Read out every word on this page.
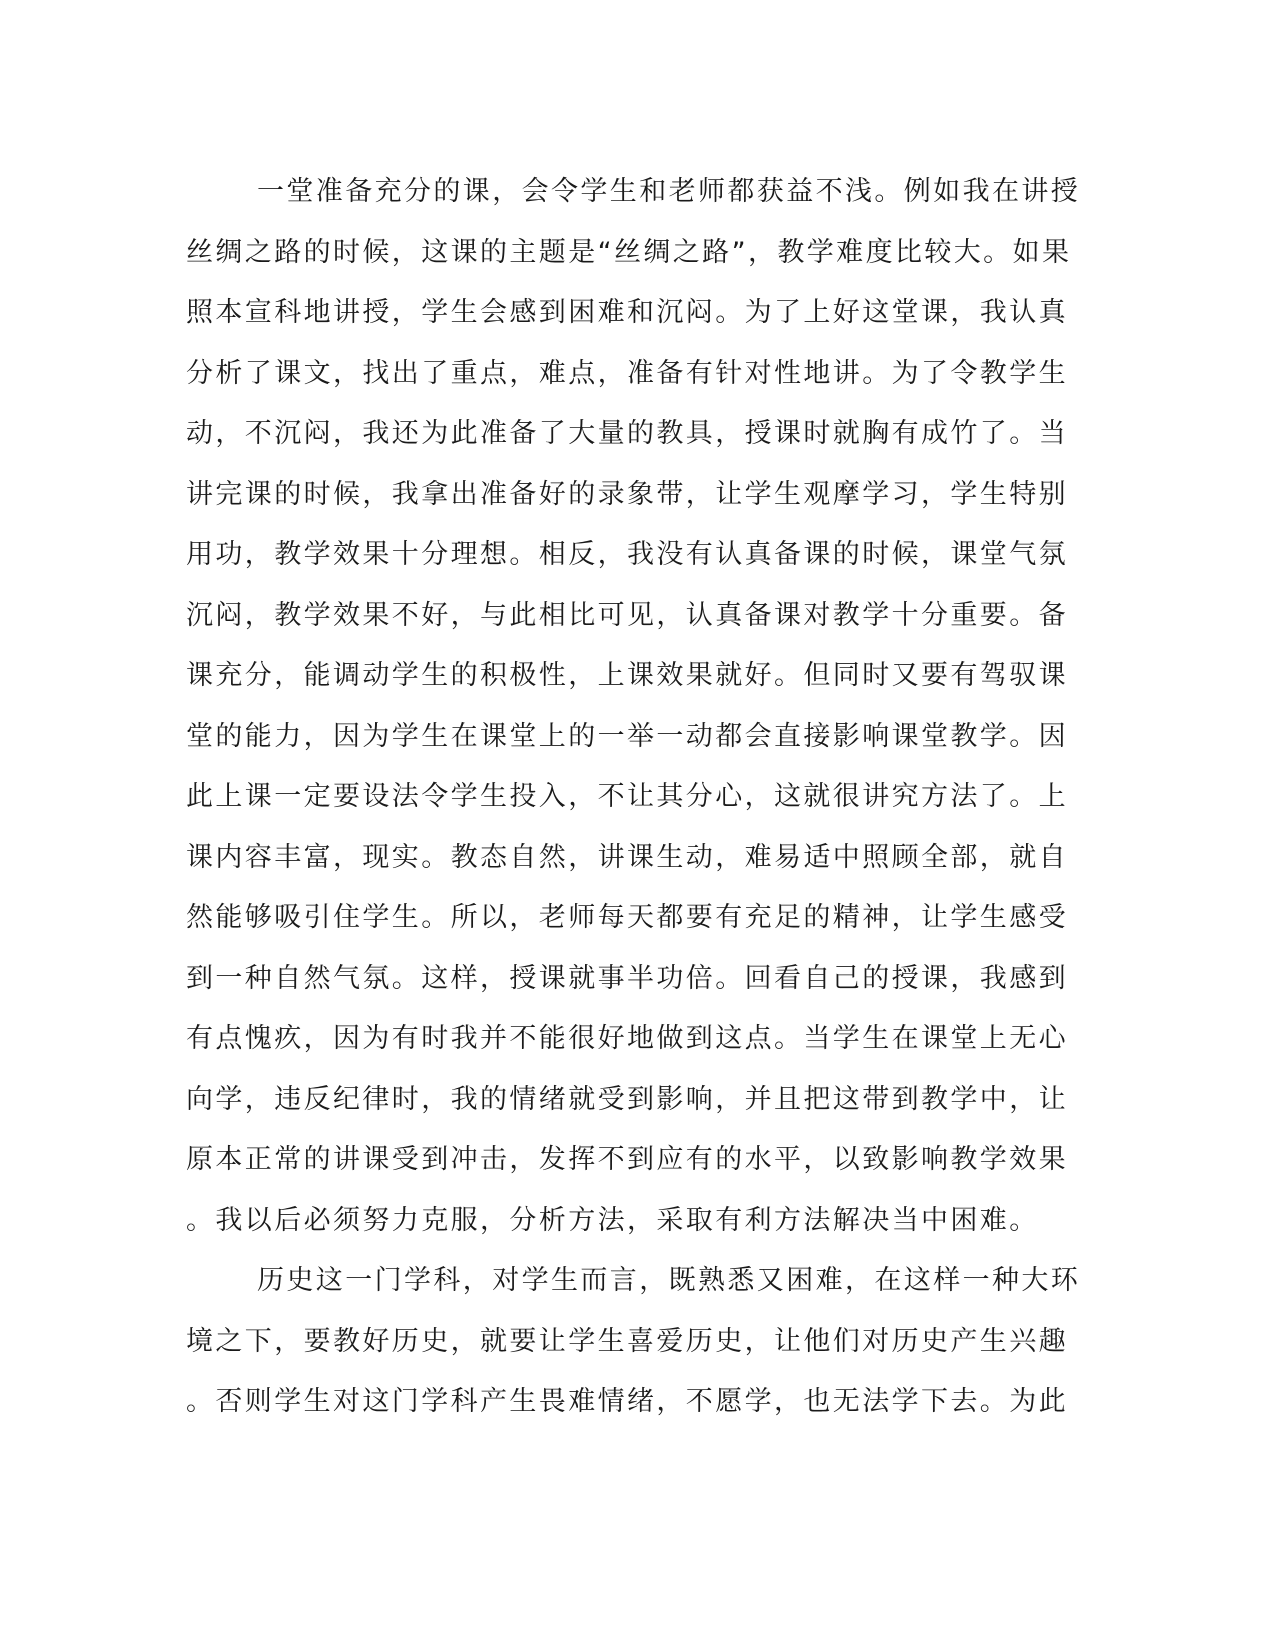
一堂准备充分的课，会令学生和老师都获益不浅。例如我在讲授
丝绸之路的时候，这课的主题是“丝绸之路”，教学难度比较大。如果
照本宣科地讲授，学生会感到困难和沉闷。为了上好这堂课，我认真
分析了课文，找出了重点，难点，准备有针对性地讲。为了令教学生
动，不沉闷，我还为此准备了大量的教具，授课时就胸有成竹了。当
讲完课的时候，我拿出准备好的录象带，让学生观摩学习，学生特别
用功，教学效果十分理想。相反，我没有认真备课的时候，课堂气氛
沉闷，教学效果不好，与此相比可见，认真备课对教学十分重要。备
课充分，能调动学生的积极性，上课效果就好。但同时又要有驾驭课
堂的能力，因为学生在课堂上的一举一动都会直接影响课堂教学。因
此上课一定要设法令学生投入，不让其分心，这就很讲究方法了。上
课内容丰富，现实。教态自然，讲课生动，难易适中照顾全部，就自
然能够吸引住学生。所以，老师每天都要有充足的精神，让学生感受
到一种自然气氛。这样，授课就事半功倍。回看自己的授课，我感到
有点愧疚，因为有时我并不能很好地做到这点。当学生在课堂上无心
向学，违反纪律时，我的情绪就受到影响，并且把这带到教学中，让
原本正常的讲课受到冲击，发挥不到应有的水平，以致影响教学效果
。我以后必须努力克服，分析方法，采取有利方法解决当中困难。
历史这一门学科，对学生而言，既熟悉又困难，在这样一种大环
境之下，要教好历史，就要让学生喜爱历史，让他们对历史产生兴趣
。否则学生对这门学科产生畏难情绪，不愿学，也无法学下去。为此
